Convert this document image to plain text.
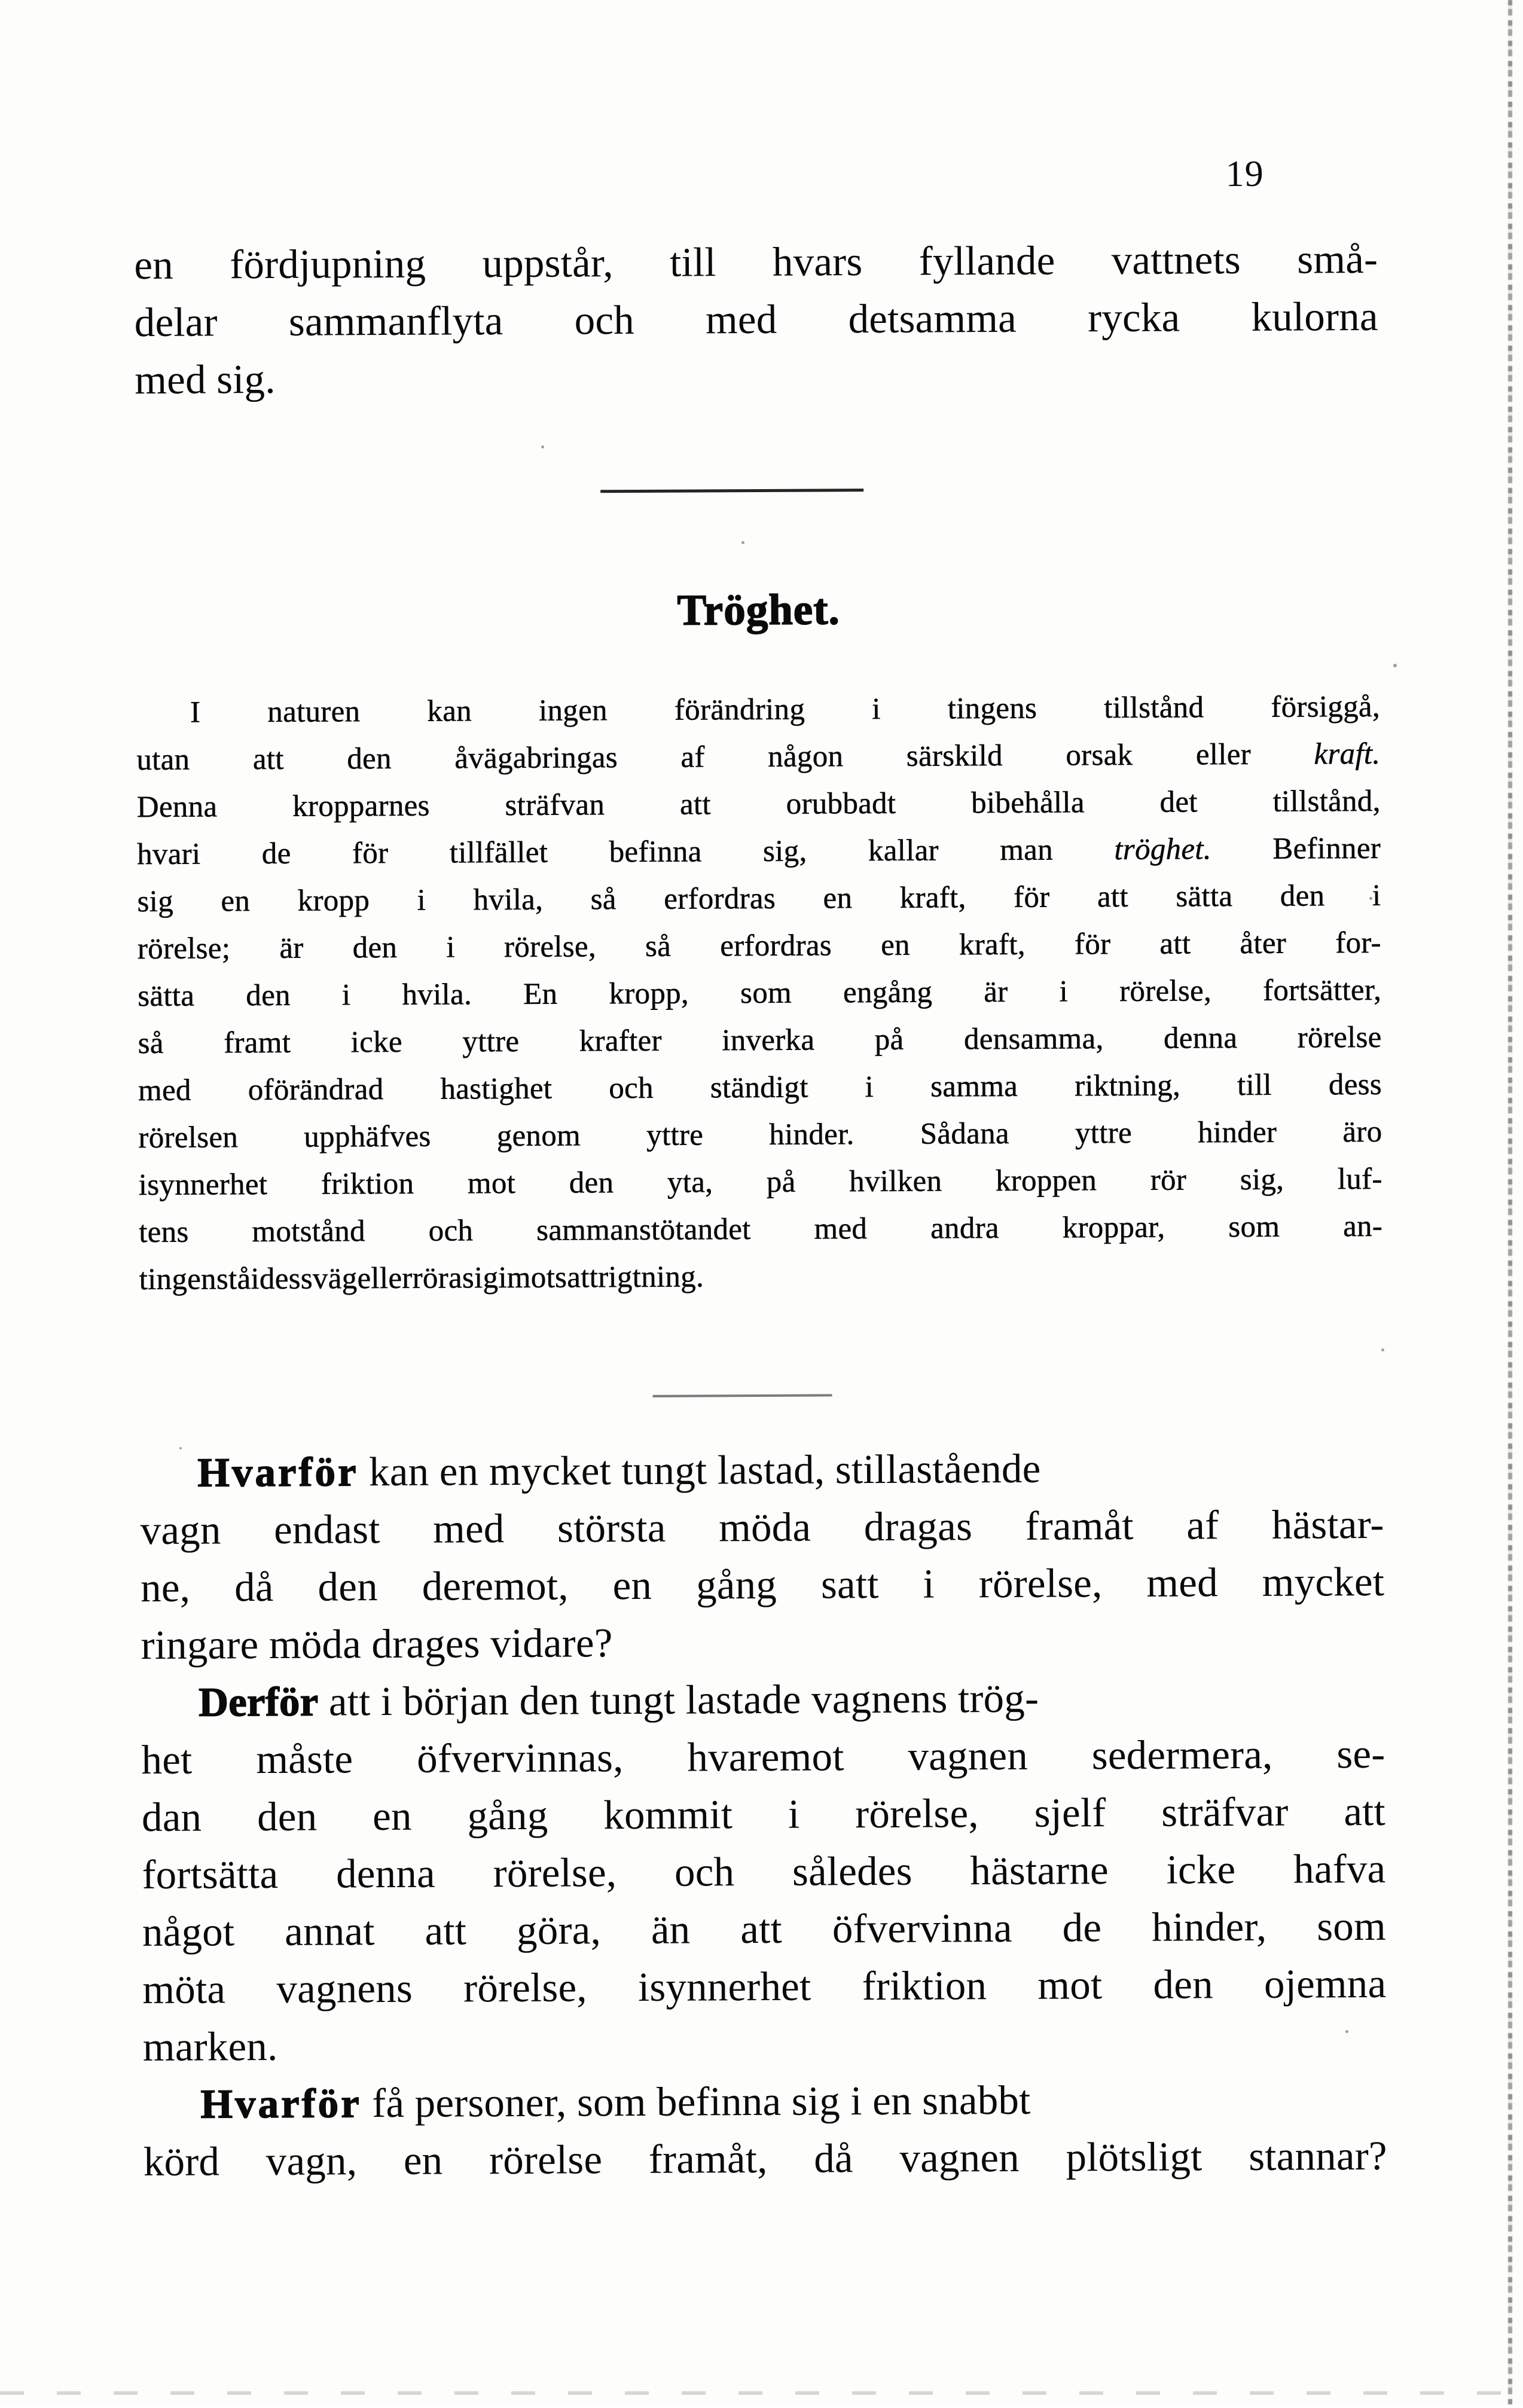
19
en fördjupning uppstår, till hvars fyllande vattnets små-
delar sammanflyta och med detsamma rycka kulorna
med sig.
Tröghet.
I naturen kan ingen förändring i tingens tillstånd försiggå,
utan att den åvägabringas af någon särskild orsak eller kraft.
Denna kropparnes sträfvan att orubbadt bibehålla det tillstånd,
hvari de för tillfället befinna sig, kallar man tröghet. Befinner
sig en kropp i hvila, så erfordras en kraft, för att sätta den i
rörelse; är den i rörelse, så erfordras en kraft, för att åter for-
sätta den i hvila. En kropp, som engång är i rörelse, fortsätter,
så framt icke yttre krafter inverka på densamma, denna rörelse
med oförändrad hastighet och ständigt i samma riktning, till dess
rörelsen upphäfves genom yttre hinder. Sådana yttre hinder äro
isynnerhet friktion mot den yta, på hvilken kroppen rör sig, luf-
tens motstånd och sammanstötandet med andra kroppar, som an-
tingenståidessvägellerrörasigimotsattrigtning.
Hvarför kan en mycket tungt lastad, stillastående
vagn endast med största möda dragas framåt af hästar-
ne, då den deremot, en gång satt i rörelse, med mycket
ringare möda drages vidare?
Derför att i början den tungt lastade vagnens trög-
het måste öfvervinnas, hvaremot vagnen sedermera, se-
dan den en gång kommit i rörelse, sjelf sträfvar att
fortsätta denna rörelse, och således hästarne icke hafva
något annat att göra, än att öfvervinna de hinder, som
möta vagnens rörelse, isynnerhet friktion mot den ojemna
marken.
Hvarför få personer, som befinna sig i en snabbt
körd vagn, en rörelse framåt, då vagnen plötsligt stannar?
